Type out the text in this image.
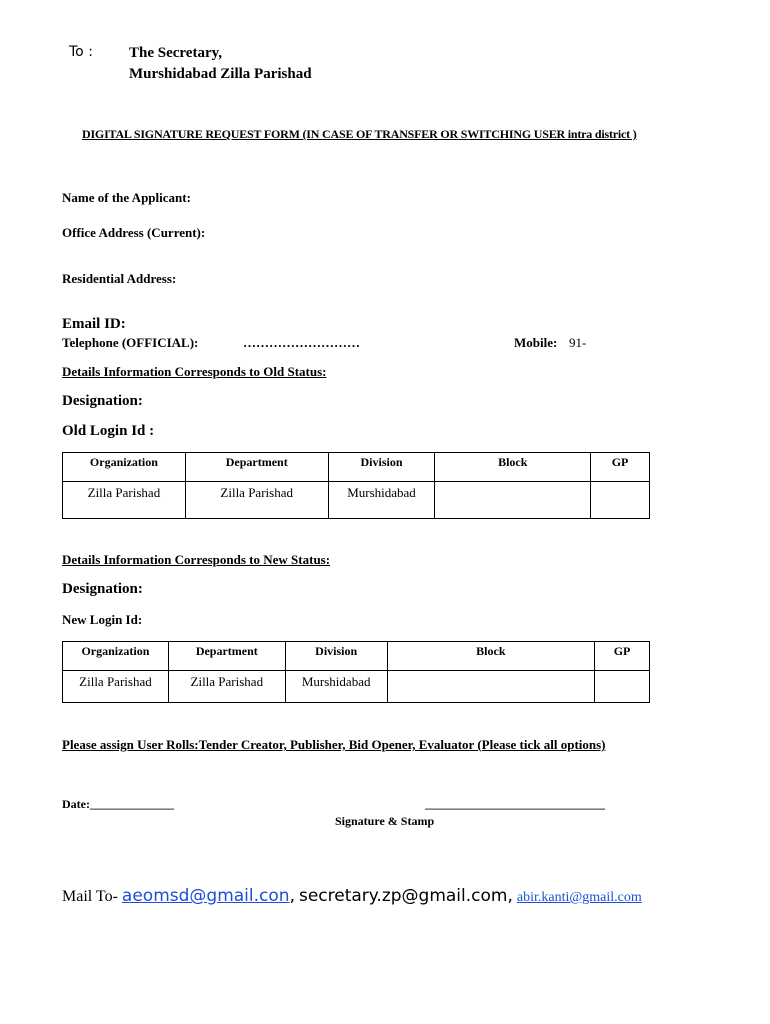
To : The Secretary,
Murshidabad Zilla Parishad
DIGITAL SIGNATURE REQUEST FORM (IN CASE OF TRANSFER OR SWITCHING USER intra district )
Name of the Applicant:
Office Address (Current):
Residential Address:
Email ID:
Telephone (OFFICIAL):	………………………	Mobile: 91-
Details Information Corresponds to Old Status:
Designation:
Old Login Id :
Organization	Department	Division	Block	GP
Zilla Parishad	Zilla Parishad	Murshidabad		
Details Information Corresponds to New Status:
Designation:
New Login Id:
Organization	Department	Division	Block	GP
Zilla Parishad	Zilla Parishad	Murshidabad		
Please assign User Rolls:Tender Creator, Publisher, Bid Opener, Evaluator (Please tick all options)
Date:______________	______________________________
Signature & Stamp
Mail To- aeomsd@gmail.con, secretary.zp@gmail.com, abir.kanti@gmail.com
